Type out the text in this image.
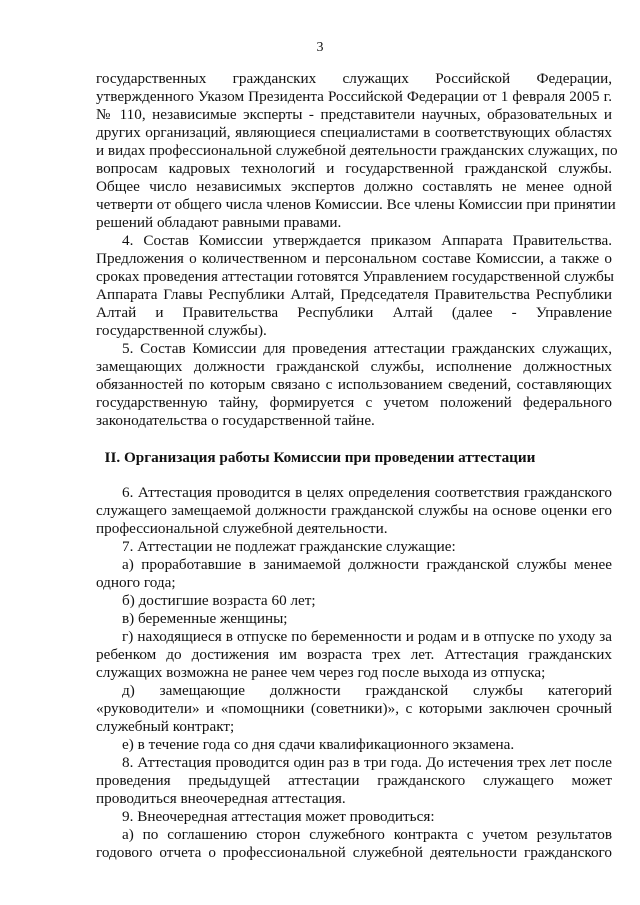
3
государственных гражданских служащих Российской Федерации,
утвержденного Указом Президента Российской Федерации от 1 февраля 2005 г.
№ 110, независимые эксперты - представители научных, образовательных и
других организаций, являющиеся специалистами в соответствующих областях
и видах профессиональной служебной деятельности гражданских служащих, по
вопросам кадровых технологий и государственной гражданской службы.
Общее число независимых экспертов должно составлять не менее одной
четверти от общего числа членов Комиссии. Все члены Комиссии при принятии
решений обладают равными правами.
4. Состав Комиссии утверждается приказом Аппарата Правительства.
Предложения о количественном и персональном составе Комиссии, а также о
сроках проведения аттестации готовятся Управлением государственной службы
Аппарата Главы Республики Алтай, Председателя Правительства Республики
Алтай и Правительства Республики Алтай (далее - Управление
государственной службы).
5. Состав Комиссии для проведения аттестации гражданских служащих,
замещающих должности гражданской службы, исполнение должностных
обязанностей по которым связано с использованием сведений, составляющих
государственную тайну, формируется с учетом положений федерального
законодательства о государственной тайне.
II. Организация работы Комиссии при проведении аттестации
6. Аттестация проводится в целях определения соответствия гражданского
служащего замещаемой должности гражданской службы на основе оценки его
профессиональной служебной деятельности.
7. Аттестации не подлежат гражданские служащие:
а) проработавшие в занимаемой должности гражданской службы менее
одного года;
б) достигшие возраста 60 лет;
в) беременные женщины;
г) находящиеся в отпуске по беременности и родам и в отпуске по уходу за
ребенком до достижения им возраста трех лет. Аттестация гражданских
служащих возможна не ранее чем через год после выхода из отпуска;
д) замещающие должности гражданской службы категорий
«руководители» и «помощники (советники)», с которыми заключен срочный
служебный контракт;
е) в течение года со дня сдачи квалификационного экзамена.
8. Аттестация проводится один раз в три года. До истечения трех лет после
проведения предыдущей аттестации гражданского служащего может
проводиться внеочередная аттестация.
9. Внеочередная аттестация может проводиться:
а) по соглашению сторон служебного контракта с учетом результатов
годового отчета о профессиональной служебной деятельности гражданского
